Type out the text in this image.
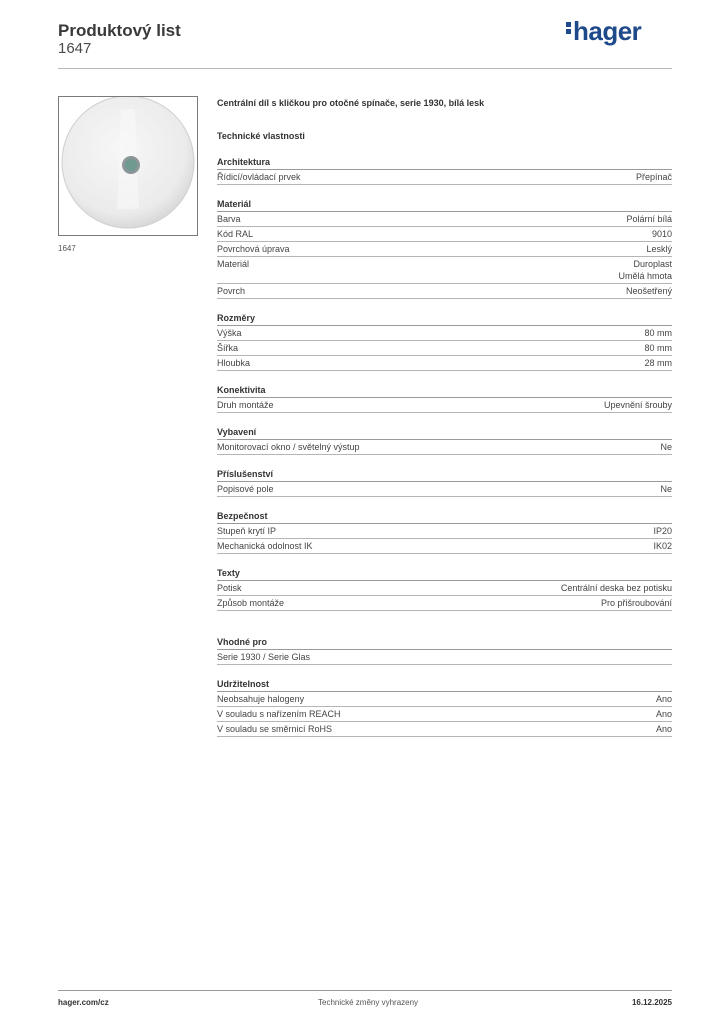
Produktový list
1647
hager
1647
Centrální díl s kličkou pro otočné spínače, serie 1930, bílá lesk
Technické vlastnosti
Architektura
Řídicí/ovládací prvek	Přepínač
Materiál
Barva	Polární bílá
Kód RAL	9010
Povrchová úprava	Lesklý
Materiál	Duroplast
Umělá hmota
Povrch	Neošetřený
Rozměry
Výška	80 mm
Šířka	80 mm
Hloubka	28 mm
Konektivita
Druh montáže	Upevnění šrouby
Vybavení
Monitorovací okno / světelný výstup	Ne
Příslušenství
Popisové pole	Ne
Bezpečnost
Stupeň krytí IP	IP20
Mechanická odolnost IK	IK02
Texty
Potisk	Centrální deska bez potisku
Způsob montáže	Pro přišroubování
Vhodné pro
Serie 1930 / Serie Glas
Udržitelnost
Neobsahuje halogeny	Ano
V souladu s nařízením REACH	Ano
V souladu se směrnicí RoHS	Ano
hager.com/cz	Technické změny vyhrazeny	16.12.2025
